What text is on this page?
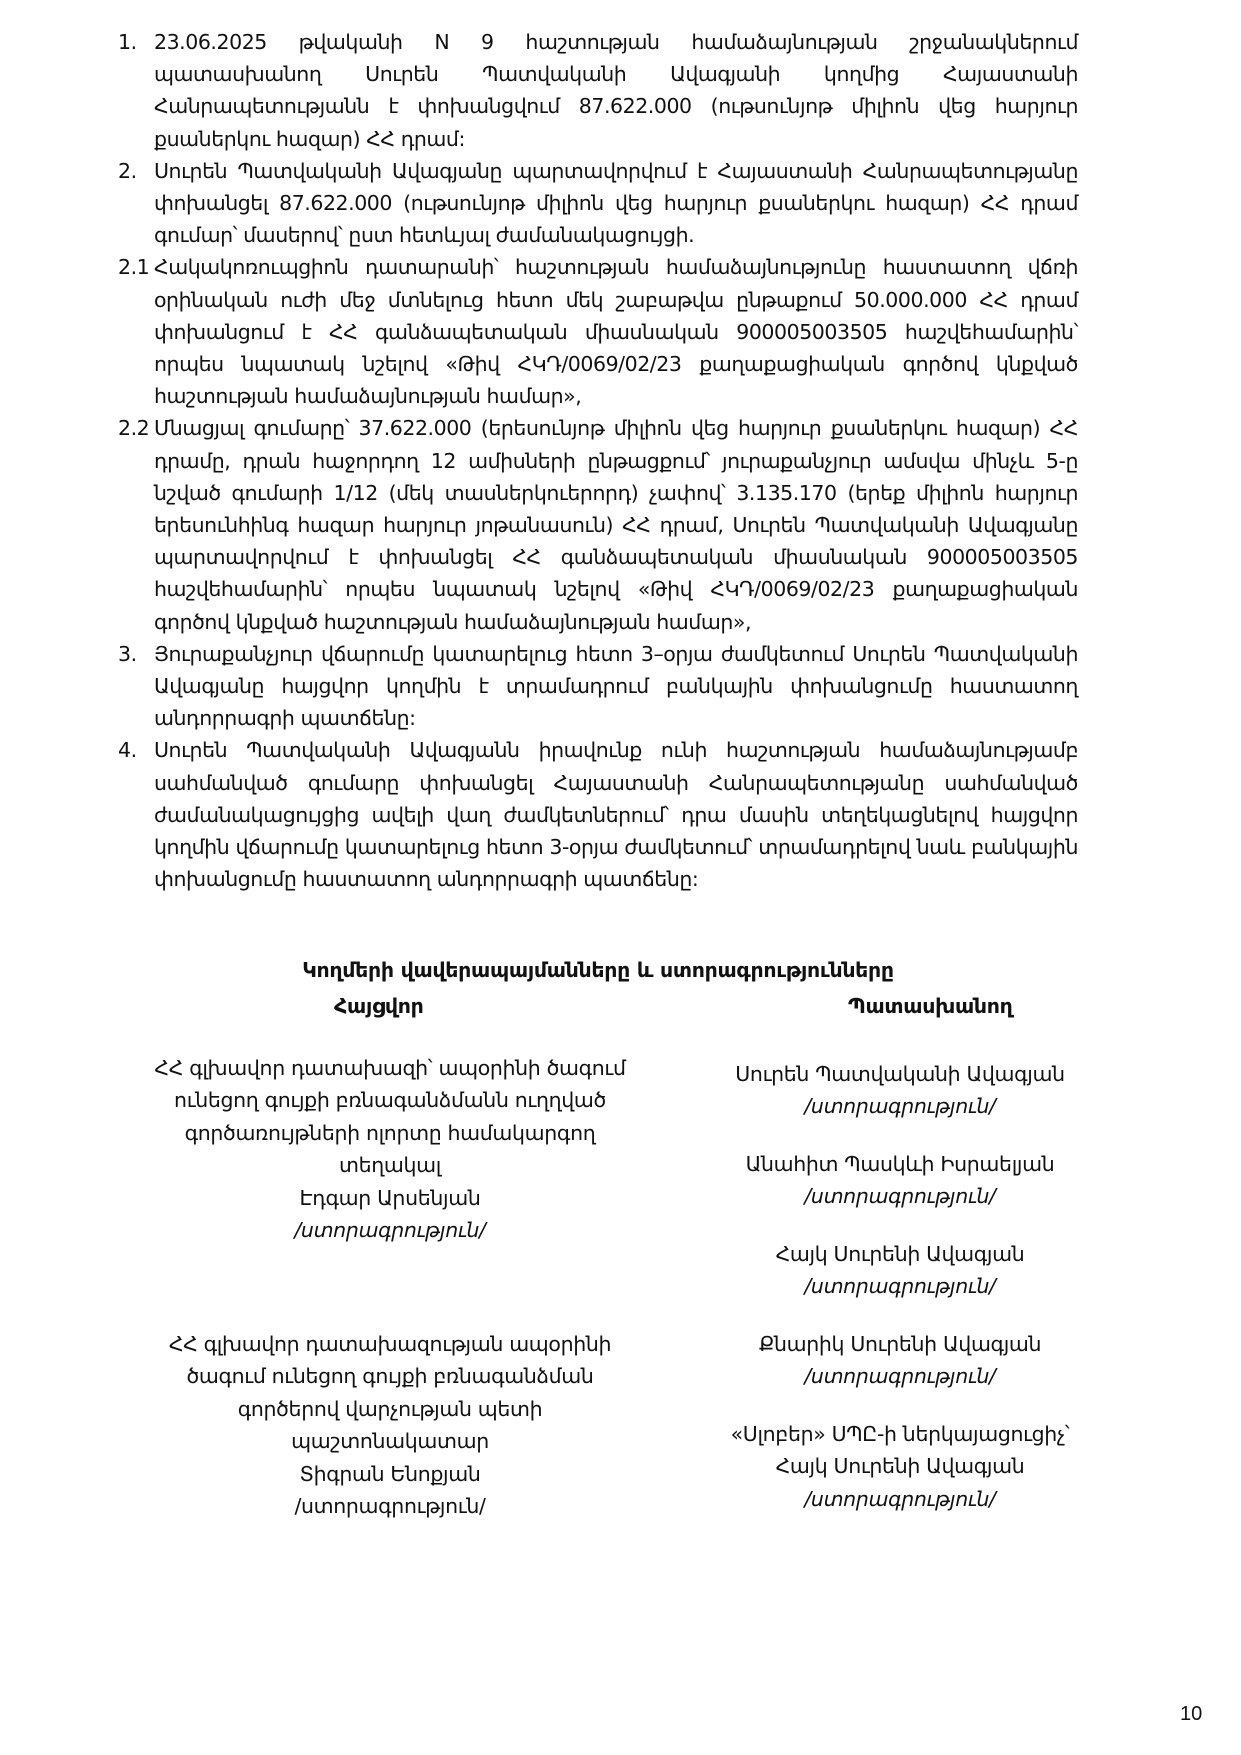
1. 23.06.2025 թվականի N 9 հաշտության համաձայնության շրջանակներում պատասխանող Սուրեն Պատվականի Ավագյանի կողմից Հայաստանի Հանրապետությանն է փոխանցվում 87.622.000 (ութսունյոթ միլիոն վեց հարյուր քսաներկու հազար) ՀՀ դրամ:
2. Սուրեն Պատվականի Ավագյանը պարտավորվում է Հայաստանի Հանրապետությանը փոխանցել 87.622.000 (ութսունյոթ միլիոն վեց հարյուր քսաներկու հազար) ՀՀ դրամ գումար՝ մասերով՝ ըստ հետևյալ ժամանակացույցի.
2.1 Հակակոռուպցիոն դատարանի՝ հաշտության համաձայնությունը հաստատող վճռի օրինական ուժի մեջ մտնելուց հետո մեկ շաբաթվա ընթաքում 50.000.000 ՀՀ դրամ փոխանցում է ՀՀ գանձապետական միասնական 900005003505 հաշվեհամարին՝ որպես նպատակ նշելով «Թիվ ՀԿԴ/0069/02/23 քաղաքացիական գործով կնքված հաշտության համաձայնության համար»,
2.2 Մնացյալ գումարը՝ 37.622.000 (երեսունյոթ միլիոն վեց հարյուր քսաներկու հազար) ՀՀ դրամը, դրան հաջորդող 12 ամիսների ընթացքում՝ յուրաքանչյուր ամսվա մինչև 5-ը նշված գումարի 1/12 (մեկ տասներկուերորդ) չափով՝ 3.135.170 (երեք միլիոն հարյուր երեսունհինգ հազար հարյուր յոթանասուն) ՀՀ դրամ, Սուրեն Պատվականի Ավագյանը պարտավորվում է փոխանցել ՀՀ գանձապետական միասնական 900005003505 հաշվեհամարին՝ որպես նպատակ նշելով «Թիվ ՀԿԴ/0069/02/23 քաղաքացիական գործով կնքված հաշտության համաձայնության համար»,
3. Յուրաքանչյուր վճարումը կատարելուց հետո 3–օրյա ժամկետում Սուրեն Պատվականի Ավագյանը հայցվոր կողմին է տրամադրում բանկային փոխանցումը հաստատող անդորրագրի պատճենը:
4. Սուրեն Պատվականի Ավագյանն իրավունք ունի հաշտության համաձայնությամբ սահմանված գումարը փոխանցել Հայաստանի Հանրապետությանը սահմանված ժամանակացույցից ավելի վաղ ժամկետներում՝ դրա մասին տեղեկացնելով հայցվոր կողմին վճարումը կատարելուց հետո 3-օրյա ժամկետում՝ տրամադրելով նաև բանկային փոխանցումը հաստատող անդորրագրի պատճենը:
Կողմերի վավերապայմանները և ստորագրությունները
Հայցվոր	Պատասխանող
ՀՀ գլխավոր դատախազի՝ ապօրինի ծագում
ունեցող գույքի բռնագանձմանն ուղղված
գործառույթների ոլորտը համակարգող
տեղակալ
Էդգար Արսենյան
/ստորագրություն/
ՀՀ գլխավոր դատախազության ապօրինի
ծագում ունեցող գույքի բռնագանձման
գործերով վարչության պետի
պաշտոնակատար
Տիգրան Ենոքյան
/ստորագրություն/
Սուրեն Պատվականի Ավագյան
/ստորագրություն/
Անահիտ Պասկևի Իսրաելյան
/ստորագրություն/
Հայկ Սուրենի Ավագյան
/ստորագրություն/
Քնարիկ Սուրենի Ավագյան
/ստորագրություն/
«Սլոբեր» ՍՊԸ-ի ներկայացուցիչ՝
Հայկ Սուրենի Ավագյան
/ստորագրություն/
10
